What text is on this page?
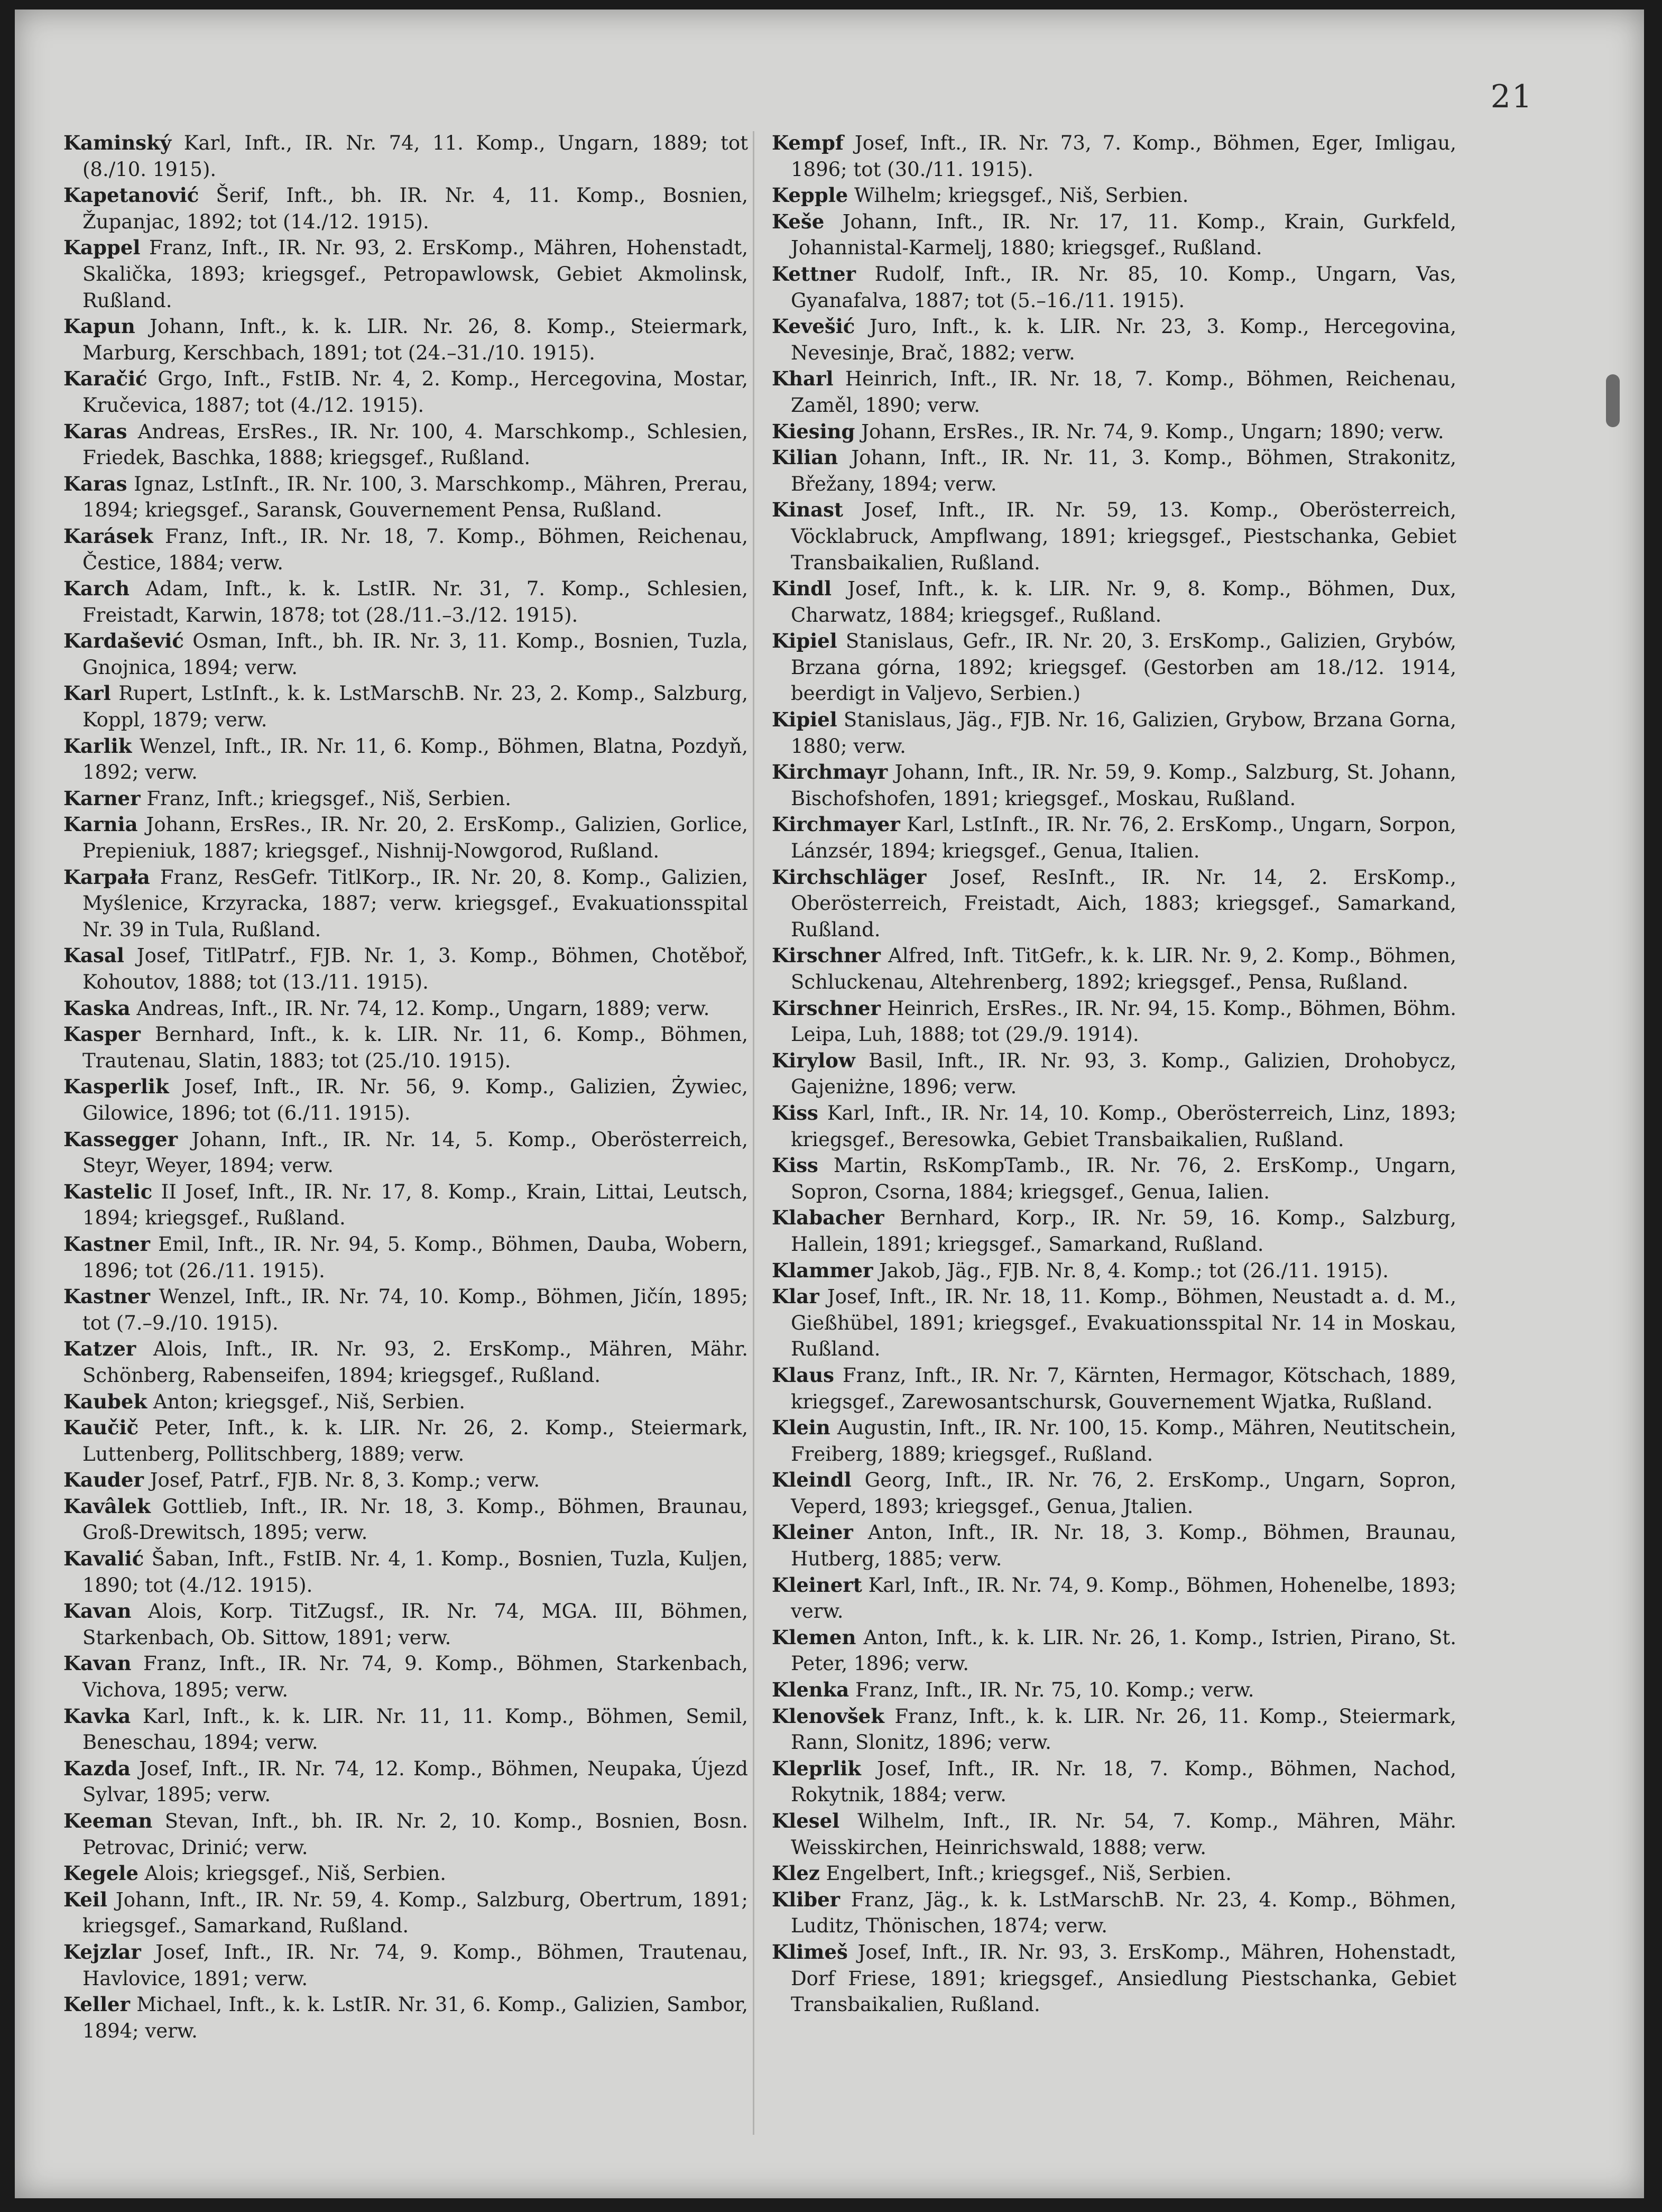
21

Kaminský Karl, Inft., IR. Nr. 74, 11. Komp., Ungarn, 1889; tot (8./10. 1915).

Kapetanović Šerif, Inft., bh. IR. Nr. 4, 11. Komp., Bosnien, Županjac, 1892; tot (14./12. 1915).

Kappel Franz, Inft., IR. Nr. 93, 2. ErsKomp., Mähren, Hohenstadt, Skalička, 1893; kriegsgef., Petropawlowsk, Gebiet Akmolinsk, Rußland.

Kapun Johann, Inft., k. k. LIR. Nr. 26, 8. Komp., Steiermark, Marburg, Kerschbach, 1891; tot (24.–31./10. 1915).

Karačić Grgo, Inft., FstIB. Nr. 4, 2. Komp., Hercegovina, Mostar, Kručevica, 1887; tot (4./12. 1915).

Karas Andreas, ErsRes., IR. Nr. 100, 4. Marschkomp., Schlesien, Friedek, Baschka, 1888; kriegsgef., Rußland.

Karas Ignaz, LstInft., IR. Nr. 100, 3. Marschkomp., Mähren, Prerau, 1894; kriegsgef., Saransk, Gouvernement Pensa, Rußland.

Karásek Franz, Inft., IR. Nr. 18, 7. Komp., Böhmen, Reichenau, Čestice, 1884; verw.

Karch Adam, Inft., k. k. LstIR. Nr. 31, 7. Komp., Schlesien, Freistadt, Karwin, 1878; tot (28./11.–3./12. 1915).

Kardašević Osman, Inft., bh. IR. Nr. 3, 11. Komp., Bosnien, Tuzla, Gnojnica, 1894; verw.

Karl Rupert, LstInft., k. k. LstMarschB. Nr. 23, 2. Komp., Salzburg, Koppl, 1879; verw.

Karlik Wenzel, Inft., IR. Nr. 11, 6. Komp., Böhmen, Blatna, Pozdyň, 1892; verw.

Karner Franz, Inft.; kriegsgef., Niš, Serbien.

Karnia Johann, ErsRes., IR. Nr. 20, 2. ErsKomp., Galizien, Gorlice, Prepieniuk, 1887; kriegsgef., Nishnij-Nowgorod, Rußland.

Karpała Franz, ResGefr. TitlKorp., IR. Nr. 20, 8. Komp., Galizien, Myślenice, Krzyracka, 1887; verw. kriegsgef., Evakuationsspital Nr. 39 in Tula, Rußland.

Kasal Josef, TitlPatrf., FJB. Nr. 1, 3. Komp., Böhmen, Chotěboř, Kohoutov, 1888; tot (13./11. 1915).

Kaska Andreas, Inft., IR. Nr. 74, 12. Komp., Ungarn, 1889; verw.

Kasper Bernhard, Inft., k. k. LIR. Nr. 11, 6. Komp., Böhmen, Trautenau, Slatin, 1883; tot (25./10. 1915).

Kasperlik Josef, Inft., IR. Nr. 56, 9. Komp., Galizien, Żywiec, Gilowice, 1896; tot (6./11. 1915).

Kassegger Johann, Inft., IR. Nr. 14, 5. Komp., Oberösterreich, Steyr, Weyer, 1894; verw.

Kastelic II Josef, Inft., IR. Nr. 17, 8. Komp., Krain, Littai, Leutsch, 1894; kriegsgef., Rußland.

Kastner Emil, Inft., IR. Nr. 94, 5. Komp., Böhmen, Dauba, Wobern, 1896; tot (26./11. 1915).

Kastner Wenzel, Inft., IR. Nr. 74, 10. Komp., Böhmen, Jičín, 1895; tot (7.–9./10. 1915).

Katzer Alois, Inft., IR. Nr. 93, 2. ErsKomp., Mähren, Mähr. Schönberg, Rabenseifen, 1894; kriegsgef., Rußland.

Kaubek Anton; kriegsgef., Niš, Serbien.

Kaučič Peter, Inft., k. k. LIR. Nr. 26, 2. Komp., Steiermark, Luttenberg, Pollitschberg, 1889; verw.

Kauder Josef, Patrf., FJB. Nr. 8, 3. Komp.; verw.

Kavâlek Gottlieb, Inft., IR. Nr. 18, 3. Komp., Böhmen, Braunau, Groß-Drewitsch, 1895; verw.

Kavalić Šaban, Inft., FstIB. Nr. 4, 1. Komp., Bosnien, Tuzla, Kuljen, 1890; tot (4./12. 1915).

Kavan Alois, Korp. TitZugsf., IR. Nr. 74, MGA. III, Böhmen, Starkenbach, Ob. Sittow, 1891; verw.

Kavan Franz, Inft., IR. Nr. 74, 9. Komp., Böhmen, Starkenbach, Vichova, 1895; verw.

Kavka Karl, Inft., k. k. LIR. Nr. 11, 11. Komp., Böhmen, Semil, Beneschau, 1894; verw.

Kazda Josef, Inft., IR. Nr. 74, 12. Komp., Böhmen, Neupaka, Újezd Sylvar, 1895; verw.

Keeman Stevan, Inft., bh. IR. Nr. 2, 10. Komp., Bosnien, Bosn. Petrovac, Drinić; verw.

Kegele Alois; kriegsgef., Niš, Serbien.

Keil Johann, Inft., IR. Nr. 59, 4. Komp., Salzburg, Obertrum, 1891; kriegsgef., Samarkand, Rußland.

Kejzlar Josef, Inft., IR. Nr. 74, 9. Komp., Böhmen, Trautenau, Havlovice, 1891; verw.

Keller Michael, Inft., k. k. LstIR. Nr. 31, 6. Komp., Galizien, Sambor, 1894; verw.

Kempf Josef, Inft., IR. Nr. 73, 7. Komp., Böhmen, Eger, Imligau, 1896; tot (30./11. 1915).

Kepple Wilhelm; kriegsgef., Niš, Serbien.

Keše Johann, Inft., IR. Nr. 17, 11. Komp., Krain, Gurkfeld, Johannistal-Karmelj, 1880; kriegsgef., Rußland.

Kettner Rudolf, Inft., IR. Nr. 85, 10. Komp., Ungarn, Vas, Gyanafalva, 1887; tot (5.–16./11. 1915).

Kevešić Juro, Inft., k. k. LIR. Nr. 23, 3. Komp., Hercegovina, Nevesinje, Brač, 1882; verw.

Kharl Heinrich, Inft., IR. Nr. 18, 7. Komp., Böhmen, Reichenau, Zaměl, 1890; verw.

Kiesing Johann, ErsRes., IR. Nr. 74, 9. Komp., Ungarn; 1890; verw.

Kilian Johann, Inft., IR. Nr. 11, 3. Komp., Böhmen, Strakonitz, Břežany, 1894; verw.

Kinast Josef, Inft., IR. Nr. 59, 13. Komp., Oberösterreich, Vöcklabruck, Ampflwang, 1891; kriegsgef., Piestschanka, Gebiet Transbaikalien, Rußland.

Kindl Josef, Inft., k. k. LIR. Nr. 9, 8. Komp., Böhmen, Dux, Charwatz, 1884; kriegsgef., Rußland.

Kipiel Stanislaus, Gefr., IR. Nr. 20, 3. ErsKomp., Galizien, Grybów, Brzana górna, 1892; kriegsgef. (Gestorben am 18./12. 1914, beerdigt in Valjevo, Serbien.)

Kipiel Stanislaus, Jäg., FJB. Nr. 16, Galizien, Grybow, Brzana Gorna, 1880; verw.

Kirchmayr Johann, Inft., IR. Nr. 59, 9. Komp., Salzburg, St. Johann, Bischofshofen, 1891; kriegsgef., Moskau, Rußland.

Kirchmayer Karl, LstInft., IR. Nr. 76, 2. ErsKomp., Ungarn, Sorpon, Lánzsér, 1894; kriegsgef., Genua, Italien.

Kirchschläger Josef, ResInft., IR. Nr. 14, 2. ErsKomp., Oberösterreich, Freistadt, Aich, 1883; kriegsgef., Samarkand, Rußland.

Kirschner Alfred, Inft. TitGefr., k. k. LIR. Nr. 9, 2. Komp., Böhmen, Schluckenau, Altehrenberg, 1892; kriegsgef., Pensa, Rußland.

Kirschner Heinrich, ErsRes., IR. Nr. 94, 15. Komp., Böhmen, Böhm. Leipa, Luh, 1888; tot (29./9. 1914).

Kirylow Basil, Inft., IR. Nr. 93, 3. Komp., Galizien, Drohobycz, Gajeniżne, 1896; verw.

Kiss Karl, Inft., IR. Nr. 14, 10. Komp., Oberösterreich, Linz, 1893; kriegsgef., Beresowka, Gebiet Transbaikalien, Rußland.

Kiss Martin, RsKompTamb., IR. Nr. 76, 2. ErsKomp., Ungarn, Sopron, Csorna, 1884; kriegsgef., Genua, Ialien.

Klabacher Bernhard, Korp., IR. Nr. 59, 16. Komp., Salzburg, Hallein, 1891; kriegsgef., Samarkand, Rußland.

Klammer Jakob, Jäg., FJB. Nr. 8, 4. Komp.; tot (26./11. 1915).

Klar Josef, Inft., IR. Nr. 18, 11. Komp., Böhmen, Neustadt a. d. M., Gießhübel, 1891; kriegsgef., Evakuationsspital Nr. 14 in Moskau, Rußland.

Klaus Franz, Inft., IR. Nr. 7, Kärnten, Hermagor, Kötschach, 1889, kriegsgef., Zarewosantschursk, Gouvernement Wjatka, Rußland.

Klein Augustin, Inft., IR. Nr. 100, 15. Komp., Mähren, Neutitschein, Freiberg, 1889; kriegsgef., Rußland.

Kleindl Georg, Inft., IR. Nr. 76, 2. ErsKomp., Ungarn, Sopron, Veperd, 1893; kriegsgef., Genua, Jtalien.

Kleiner Anton, Inft., IR. Nr. 18, 3. Komp., Böhmen, Braunau, Hutberg, 1885; verw.

Kleinert Karl, Inft., IR. Nr. 74, 9. Komp., Böhmen, Hohenelbe, 1893; verw.

Klemen Anton, Inft., k. k. LIR. Nr. 26, 1. Komp., Istrien, Pirano, St. Peter, 1896; verw.

Klenka Franz, Inft., IR. Nr. 75, 10. Komp.; verw.

Klenovšek Franz, Inft., k. k. LIR. Nr. 26, 11. Komp., Steiermark, Rann, Slonitz, 1896; verw.

Kleprlik Josef, Inft., IR. Nr. 18, 7. Komp., Böhmen, Nachod, Rokytnik, 1884; verw.

Klesel Wilhelm, Inft., IR. Nr. 54, 7. Komp., Mähren, Mähr. Weisskirchen, Heinrichswald, 1888; verw.

Klez Engelbert, Inft.; kriegsgef., Niš, Serbien.

Kliber Franz, Jäg., k. k. LstMarschB. Nr. 23, 4. Komp., Böhmen, Luditz, Thönischen, 1874; verw.

Klimeš Josef, Inft., IR. Nr. 93, 3. ErsKomp., Mähren, Hohenstadt, Dorf Friese, 1891; kriegsgef., Ansiedlung Piestschanka, Gebiet Transbaikalien, Rußland.
